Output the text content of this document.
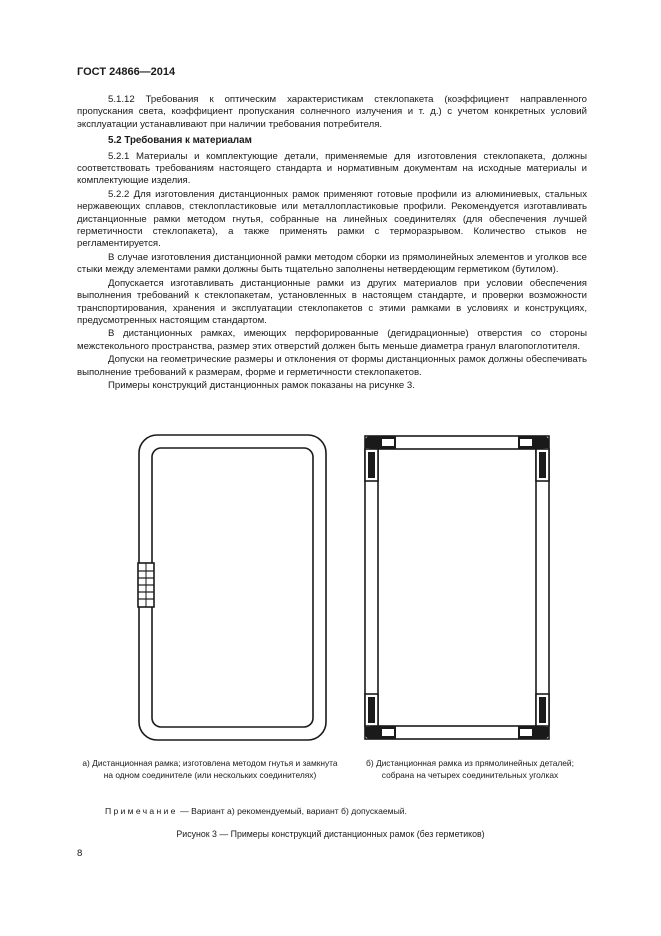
ГОСТ 24866—2014

5.1.12 Требования к оптическим характеристикам стеклопакета (коэффициент направленного пропускания света, коэффициент пропускания солнечного излучения и т. д.) с учетом конкретных условий эксплуатации устанавливают при наличии требования потребителя.

5.2 Требования к материалам

5.2.1 Материалы и комплектующие детали, применяемые для изготовления стеклопакета, должны соответствовать требованиям настоящего стандарта и нормативным документам на исходные материалы и комплектующие изделия.

5.2.2 Для изготовления дистанционных рамок применяют готовые профили из алюминиевых, стальных нержавеющих сплавов, стеклопластиковые или металлопластиковые профили. Рекомендуется изготавливать дистанционные рамки методом гнутья, собранные на линейных соединителях (для обеспечения лучшей герметичности стеклопакета), а также применять рамки с терморазрывом. Количество стыков не регламентируется.

В случае изготовления дистанционной рамки методом сборки из прямолинейных элементов и уголков все стыки между элементами рамки должны быть тщательно заполнены нетвердеющим герметиком (бутилом).

Допускается изготавливать дистанционные рамки из других материалов при условии обеспечения выполнения требований к стеклопакетам, установленных в настоящем стандарте, и проверки возможности транспортирования, хранения и эксплуатации стеклопакетов с этими рамками в условиях и конструкциях, предусмотренных настоящим стандартом.

В дистанционных рамках, имеющих перфорированные (дегидрационные) отверстия со стороны межстекольного пространства, размер этих отверстий должен быть меньше диаметра гранул влагопоглотителя.

Допуски на геометрические размеры и отклонения от формы дистанционных рамок должны обеспечивать выполнение требований к размерам, форме и герметичности стеклопакетов.

Примеры конструкций дистанционных рамок показаны на рисунке 3.

а) Дистанционная рамка; изготовлена методом гнутья и замкнута на одном соединителе (или нескольких соединителях)
б) Дистанционная рамка из прямолинейных деталей; собрана на четырех соединительных уголках
Примечание — Вариант а) рекомендуемый, вариант б) допускаемый.
Рисунок 3 — Примеры конструкций дистанционных рамок (без герметиков)
8
